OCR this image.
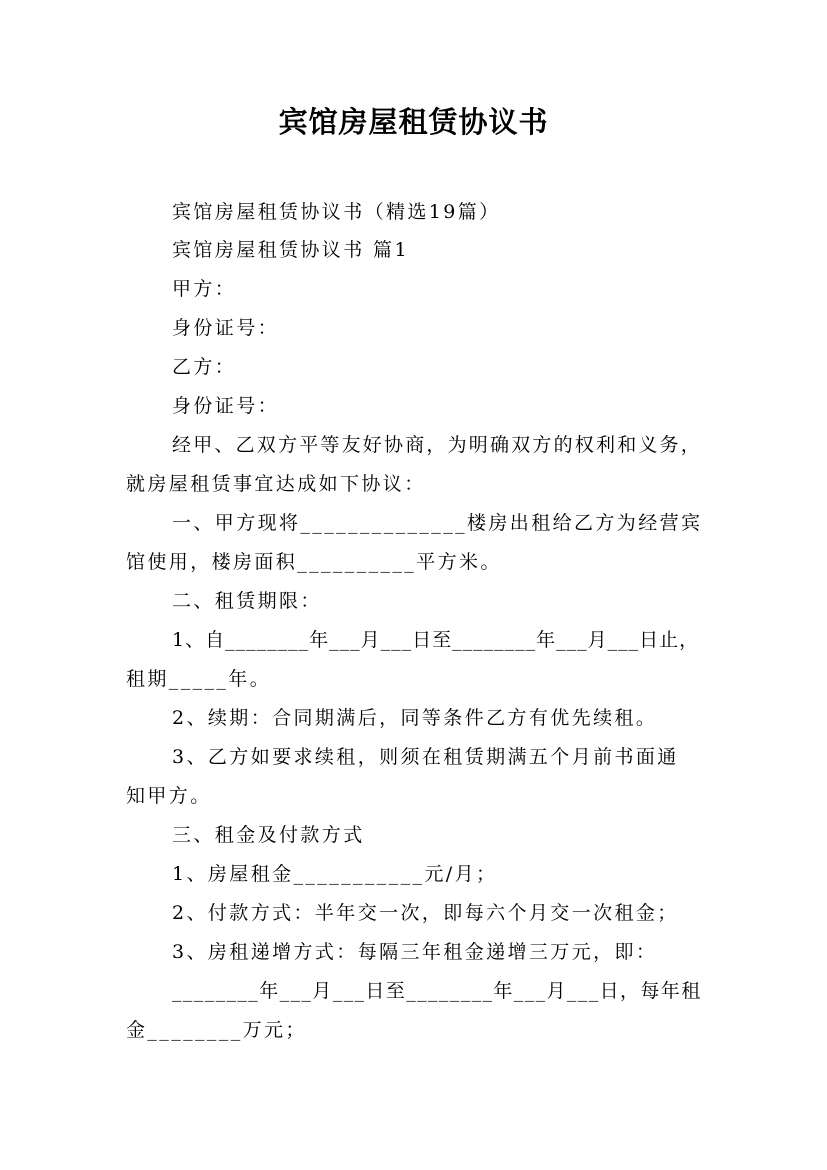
宾馆房屋租赁协议书
宾馆房屋租赁协议书（精选19篇）
宾馆房屋租赁协议书 篇1
甲方：
身份证号：
乙方：
身份证号：
经甲、乙双方平等友好协商，为明确双方的权利和义务，
就房屋租赁事宜达成如下协议：
一、甲方现将______________楼房出租给乙方为经营宾
馆使用，楼房面积__________平方米。
二、租赁期限：
1、自________年___月___日至________年___月___日止，
租期_____年。
2、续期：合同期满后，同等条件乙方有优先续租。
3、乙方如要求续租，则须在租赁期满五个月前书面通
知甲方。
三、租金及付款方式
1、房屋租金___________元/月；
2、付款方式：半年交一次，即每六个月交一次租金；
3、房租递增方式：每隔三年租金递增三万元，即：
________年___月___日至________年___月___日，每年租
金________万元；
